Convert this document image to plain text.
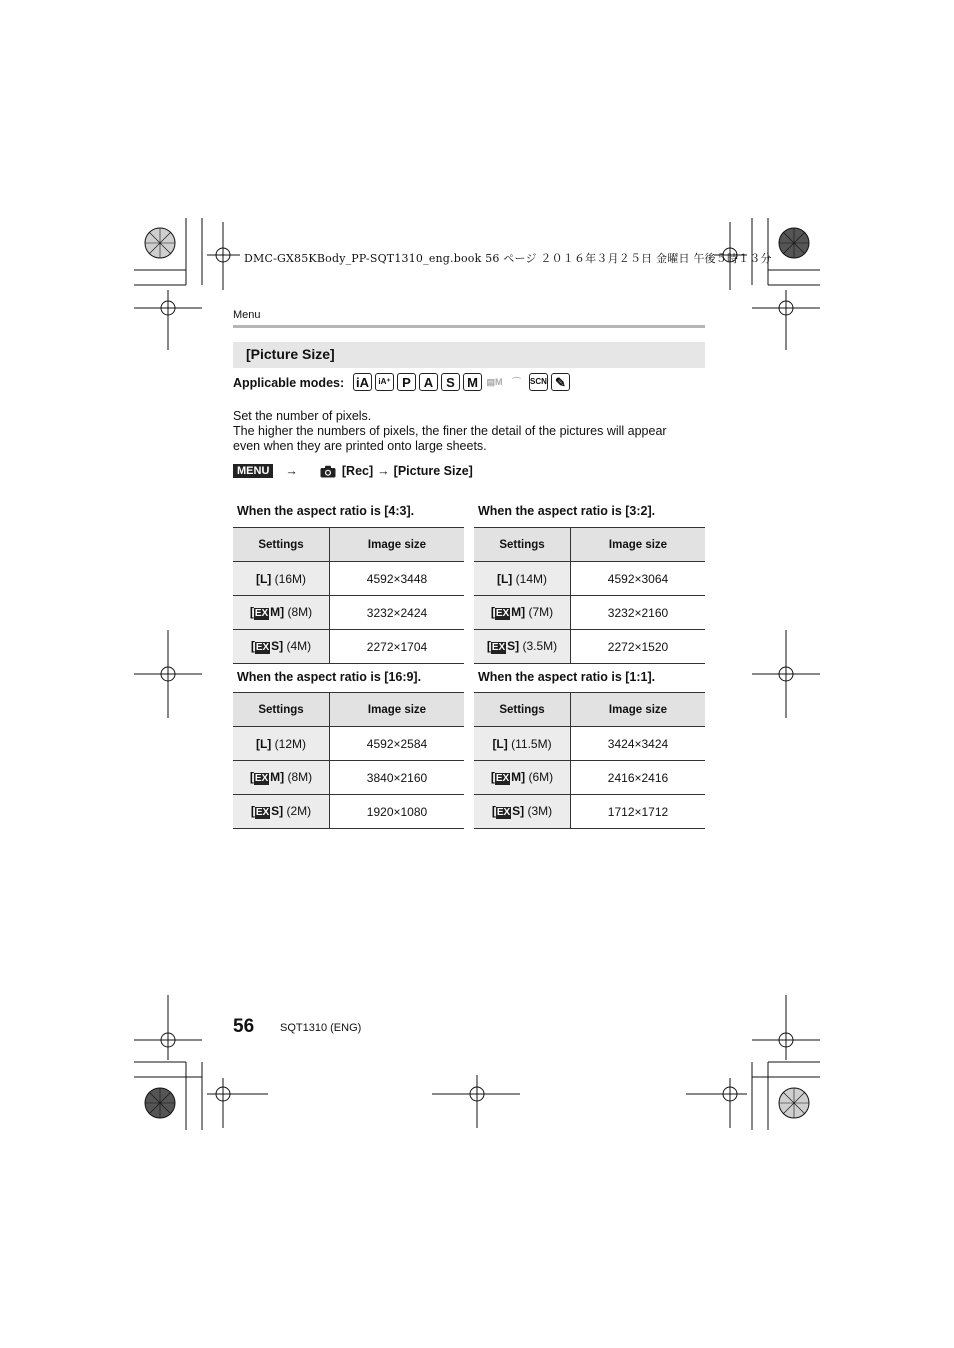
DMC-GX85KBody_PP-SQT1310_eng.book 56 ページ ２０１６年３月２５日 金曜日 午後５時１３分
Menu
[Picture Size]
Applicable modes: iA	iA⁺ P A S M ▤M	⌒	SCN ✎
Set the number of pixels.
The higher the numbers of pixels, the finer the detail of the pictures will appear
even when they are printed onto large sheets.
MENU	→	[Rec] → [Picture Size]
When the aspect ratio is [4:3].	When the aspect ratio is [3:2].
When the aspect ratio is [16:9].	When the aspect ratio is [1:1].
Settings	Image size
[L] (16M)	4592×3448
[EX M] (8M)	3232×2424
[EX S] (4M)	2272×1704
Settings	Image size
[L] (14M)	4592×3064
[EX M] (7M)	3232×2160
[EX S] (3.5M)	2272×1520
Settings	Image size
[L] (12M)	4592×2584
[EX M] (8M)	3840×2160
[EX S] (2M)	1920×1080
Settings	Image size
[L] (11.5M)	3424×3424
[EX M] (6M)	2416×2416
[EX S] (3M)	1712×1712
56 SQT1310 (ENG)
